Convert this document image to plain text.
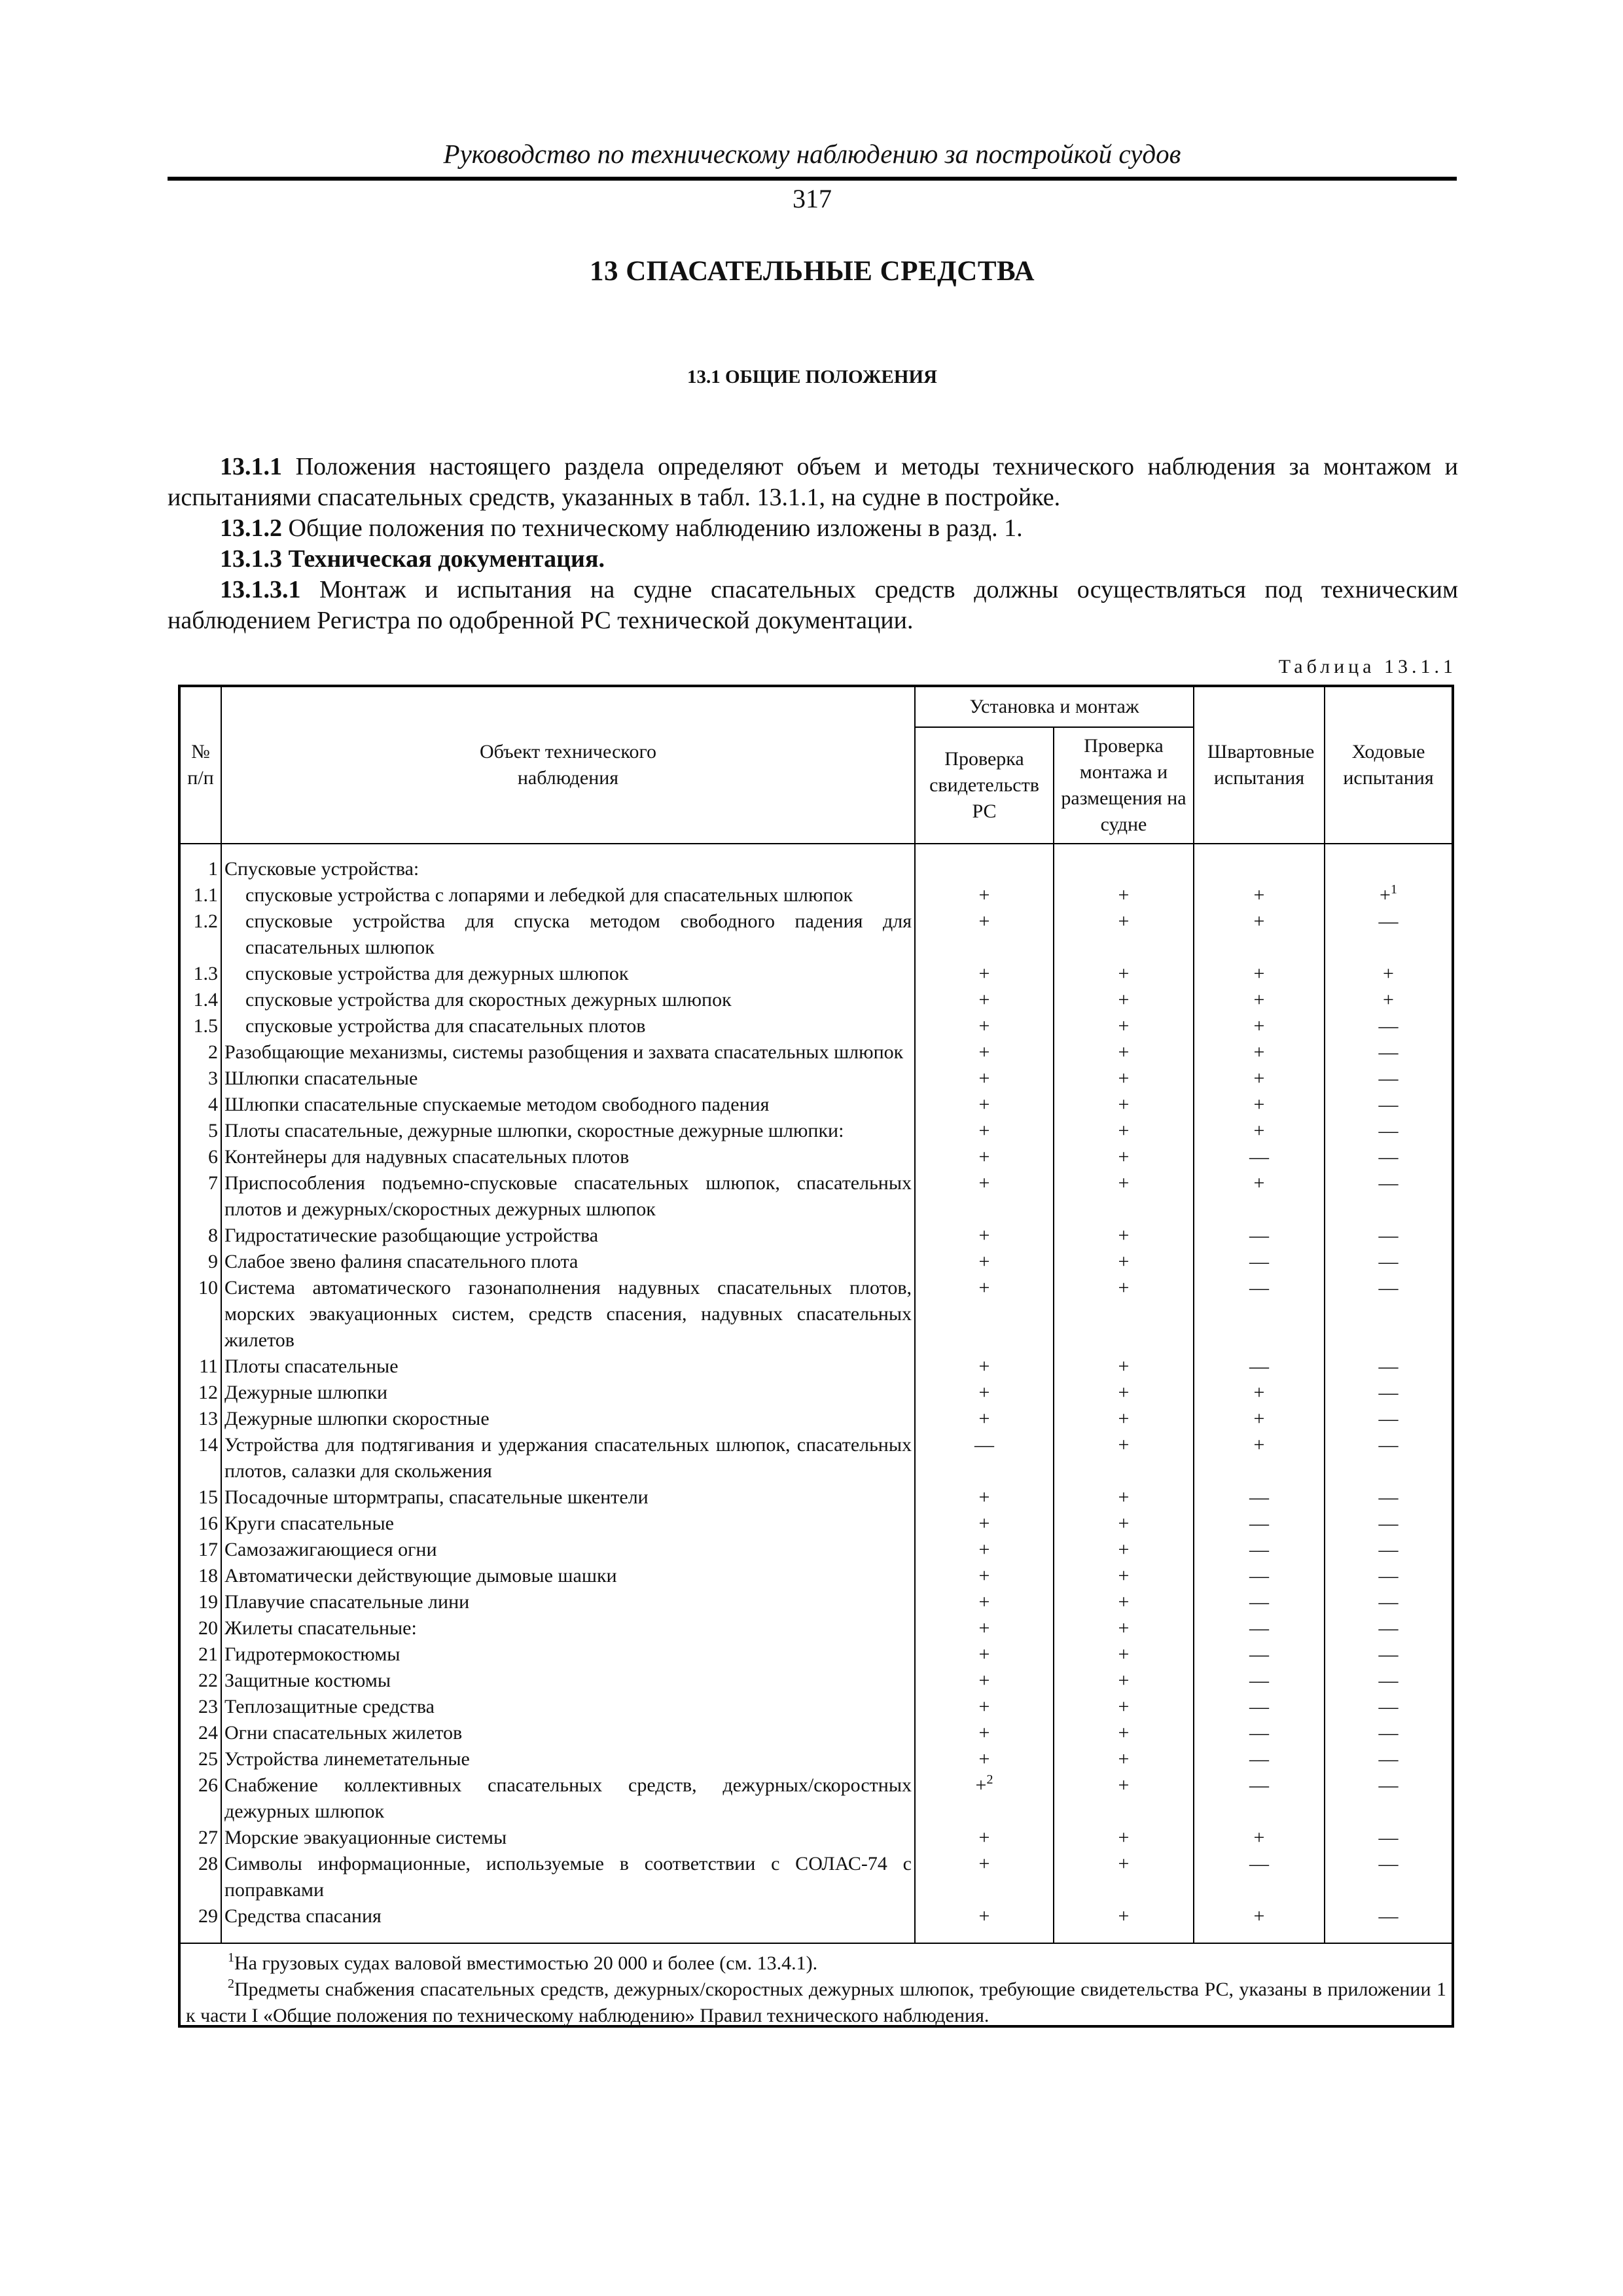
Руководство по техническому наблюдению за постройкой судов
317
13 СПАСАТЕЛЬНЫЕ СРЕДСТВА
13.1 ОБЩИЕ ПОЛОЖЕНИЯ

13.1.1 Положения настоящего раздела определяют объем и методы технического наблюдения за монтажом и испытаниями спасательных средств, указанных в табл. 13.1.1, на судне в постройке.

13.1.2 Общие положения по техническому наблюдению изложены в разд. 1.

13.1.3 Техническая документация.

13.1.3.1 Монтаж и испытания на судне спасательных средств должны осуществляться под техническим наблюдением Регистра по одобренной РС технической документации.

Таблица 13.1.1
№ п/п	Объект технического наблюдения	Установка и монтаж		Швартовные испытания	Ходовые испытания
		Проверка свидетельств РС	Проверка монтажа и размещения на судне		
1	Спусковые устройства:				
1.1	спусковые устройства с лопарями и лебедкой для спасательных шлюпок	+	+	+	+$^1$
1.2	спусковые устройства для спуска методом свободного падения для спасательных шлюпок	+	+	+	—
1.3	спусковые устройства для дежурных шлюпок	+	+	+	+
1.4	спусковые устройства для скоростных дежурных шлюпок	+	+	+	+
1.5	спусковые устройства для спасательных плотов	+	+	+	—
2	Разобщающие механизмы, системы разобщения и захвата спасательных шлюпок	+	+	+	—
3	Шлюпки спасательные	+	+	+	—
4	Шлюпки спасательные спускаемые методом свободного падения	+	+	+	—
5	Плоты спасательные, дежурные шлюпки, скоростные дежурные шлюпки:	+	+	+	—
6	Контейнеры для надувных спасательных плотов	+	+	—	—
7	Приспособления подъемно-спусковые спасательных шлюпок, спасательных плотов и дежурных/скоростных дежурных шлюпок	+	+	+	—
8	Гидростатические разобщающие устройства	+	+	—	—
9	Слабое звено фалиня спасательного плота	+	+	—	—
10	Система автоматического газонаполнения надувных спасательных плотов, морских эвакуационных систем, средств спасения, надувных спасательных жилетов	+	+	—	—
11	Плоты спасательные	+	+	—	—
12	Дежурные шлюпки	+	+	+	—
13	Дежурные шлюпки скоростные	+	+	+	—
14	Устройства для подтягивания и удержания спасательных шлюпок, спасательных плотов, салазки для скольжения	—	+	+	—
15	Посадочные штормтрапы, спасательные шкентели	+	+	—	—
16	Круги спасательные	+	+	—	—
17	Самозажигающиеся огни	+	+	—	—
18	Автоматически действующие дымовые шашки	+	+	—	—
19	Плавучие спасательные лини	+	+	—	—
20	Жилеты спасательные:	+	+	—	—
21	Гидротермокостюмы	+	+	—	—
22	Защитные костюмы	+	+	—	—
23	Теплозащитные средства	+	+	—	—
24	Огни спасательных жилетов	+	+	—	—
25	Устройства линеметательные	+	+	—	—
26	Снабжение коллективных спасательных средств, дежурных/скоростных дежурных шлюпок	+$^2$	+	—	—
27	Морские эвакуационные системы	+	+	+	—
28	Символы информационные, используемые в соответствии с СОЛАС-74 с поправками	+	+	—	—
29	Средства спасания	+	+	+	—

$^1$На грузовых судах валовой вместимостью 20 000 и более (см. 13.4.1).

$^2$Предметы снабжения спасательных средств, дежурных/скоростных дежурных шлюпок, требующие свидетельства РС, указаны в приложении 1 к части I «Общие положения по техническому наблюдению» Правил технического наблюдения.					
